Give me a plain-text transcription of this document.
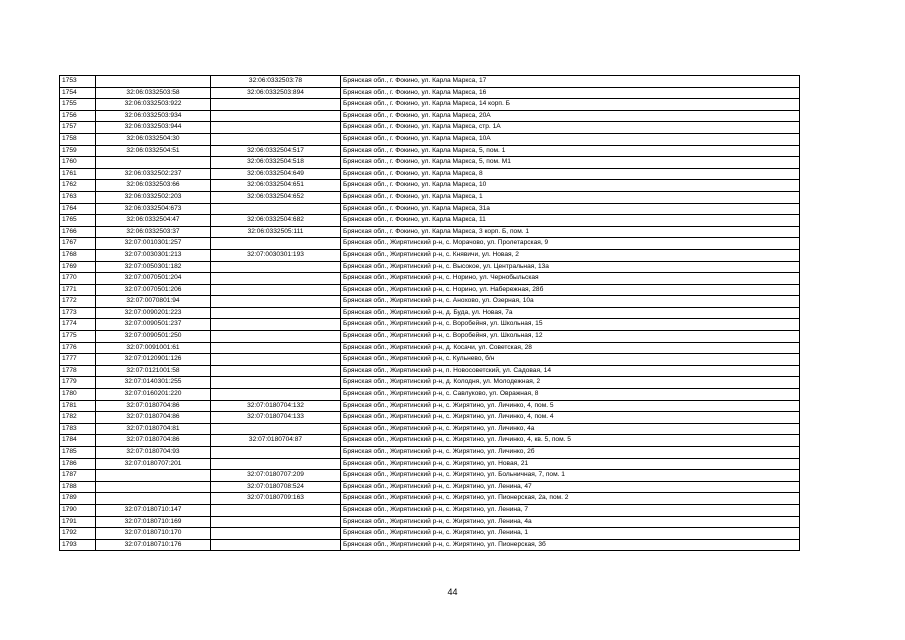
1753		32:06:0332503:78	Брянская обл., г. Фокино, ул. Карла Маркса, 17
1754	32:06:0332503:58	32:06:0332503:894	Брянская обл., г. Фокино, ул. Карла Маркса, 16
1755	32:06:0332503:922		Брянская обл., г. Фокино, ул. Карла Маркса, 14 корп. Б
1756	32:06:0332503:934		Брянская обл., г. Фокино, ул. Карла Маркса, 20А
1757	32:06:0332503:944		Брянская обл., г. Фокино, ул. Карла Маркса, стр. 1А
1758	32:06:0332504:30		Брянская обл., г. Фокино, ул. Карла Маркса, 10А
1759	32:06:0332504:51	32:06:0332504:517	Брянская обл., г. Фокино, ул. Карла Маркса, 5, пом. 1
1760		32:06:0332504:518	Брянская обл., г. Фокино, ул. Карла Маркса, 5, пом. М1
1761	32:06:0332502:237	32:06:0332504:649	Брянская обл., г. Фокино, ул. Карла Маркса, 8
1762	32:06:0332503:66	32:06:0332504:651	Брянская обл., г. Фокино, ул. Карла Маркса, 10
1763	32:06:0332502:203	32:06:0332504:652	Брянская обл., г. Фокино, ул. Карла Маркса, 1
1764	32:06:0332504:673		Брянская обл., г. Фокино, ул. Карла Маркса, 31а
1765	32:06:0332504:47	32:06:0332504:682	Брянская обл., г. Фокино, ул. Карла Маркса, 11
1766	32:06:0332503:37	32:06:0332505:111	Брянская обл., г. Фокино, ул. Карла Маркса, 3 корп. Б, пом. 1
1767	32:07:0010301:257		Брянская обл., Жирятинский р-н, с. Морачово, ул. Пролетарская, 9
1768	32:07:0030301:213	32:07:0030301:193	Брянская обл., Жирятинский р-н, с. Княвичи, ул. Новая, 2
1769	32:07:0050301:182		Брянская обл., Жирятинский р-н, с. Высокое, ул. Центральная, 13а
1770	32:07:0070501:204		Брянская обл., Жирятинский р-н, с. Норино, ул. Чернобыльская
1771	32:07:0070501:206		Брянская обл., Жирятинский р-н, с. Норино, ул. Набережная, 28б
1772	32:07:0070801:94		Брянская обл., Жирятинский р-н, с. Анохово, ул. Озерная, 10а
1773	32:07:0090201:223		Брянская обл., Жирятинский р-н, д. Буда, ул. Новая, 7а
1774	32:07:0090501:237		Брянская обл., Жирятинский р-н, с. Воробейня, ул. Школьная, 15
1775	32:07:0090501:250		Брянская обл., Жирятинский р-н, с. Воробейня, ул. Школьная, 12
1776	32:07:0091001:61		Брянская обл., Жирятинский р-н, д. Косачи, ул. Советская, 28
1777	32:07:0120901:126		Брянская обл., Жирятинский р-н, с. Кульнево, б/н
1778	32:07:0121001:58		Брянская обл., Жирятинский р-н, п. Новосоветский, ул. Садовая, 14
1779	32:07:0140301:255		Брянская обл., Жирятинский р-н, д. Колодня, ул. Молодежная, 2
1780	32:07:0160201:220		Брянская обл., Жирятинский р-н, с. Савлуково, ул. Овражная, 8
1781	32:07:0180704:86	32:07:0180704:132	Брянская обл., Жирятинский р-н, с. Жирятино, ул. Личинко, 4, пом. 5
1782	32:07:0180704:86	32:07:0180704:133	Брянская обл., Жирятинский р-н, с. Жирятино, ул. Личинко, 4, пом. 4
1783	32:07:0180704:81		Брянская обл., Жирятинский р-н, с. Жирятино, ул. Личинко, 4а
1784	32:07:0180704:86	32:07:0180704:87	Брянская обл., Жирятинский р-н, с. Жирятино, ул. Личинко, 4, кв. 5, пом. 5
1785	32:07:0180704:93		Брянская обл., Жирятинский р-н, с. Жирятино, ул. Личинко, 2б
1786	32:07:0180707:201		Брянская обл., Жирятинский р-н, с. Жирятино, ул. Новая, 21
1787		32:07:0180707:209	Брянская обл., Жирятинский р-н, с. Жирятино, ул. Больничная, 7, пом. 1
1788		32:07:0180708:524	Брянская обл., Жирятинский р-н, с. Жирятино, ул. Ленина, 47
1789		32:07:0180709:163	Брянская обл., Жирятинский р-н, с. Жирятино, ул. Пионерская, 2а, пом. 2
1790	32:07:0180710:147		Брянская обл., Жирятинский р-н, с. Жирятино, ул. Ленина, 7
1791	32:07:0180710:169		Брянская обл., Жирятинский р-н, с. Жирятино, ул. Ленина, 4а
1792	32:07:0180710:170		Брянская обл., Жирятинский р-н, с. Жирятино, ул. Ленина, 1
1793	32:07:0180710:176		Брянская обл., Жирятинский р-н, с. Жирятино, ул. Пионерская, 3б
44
